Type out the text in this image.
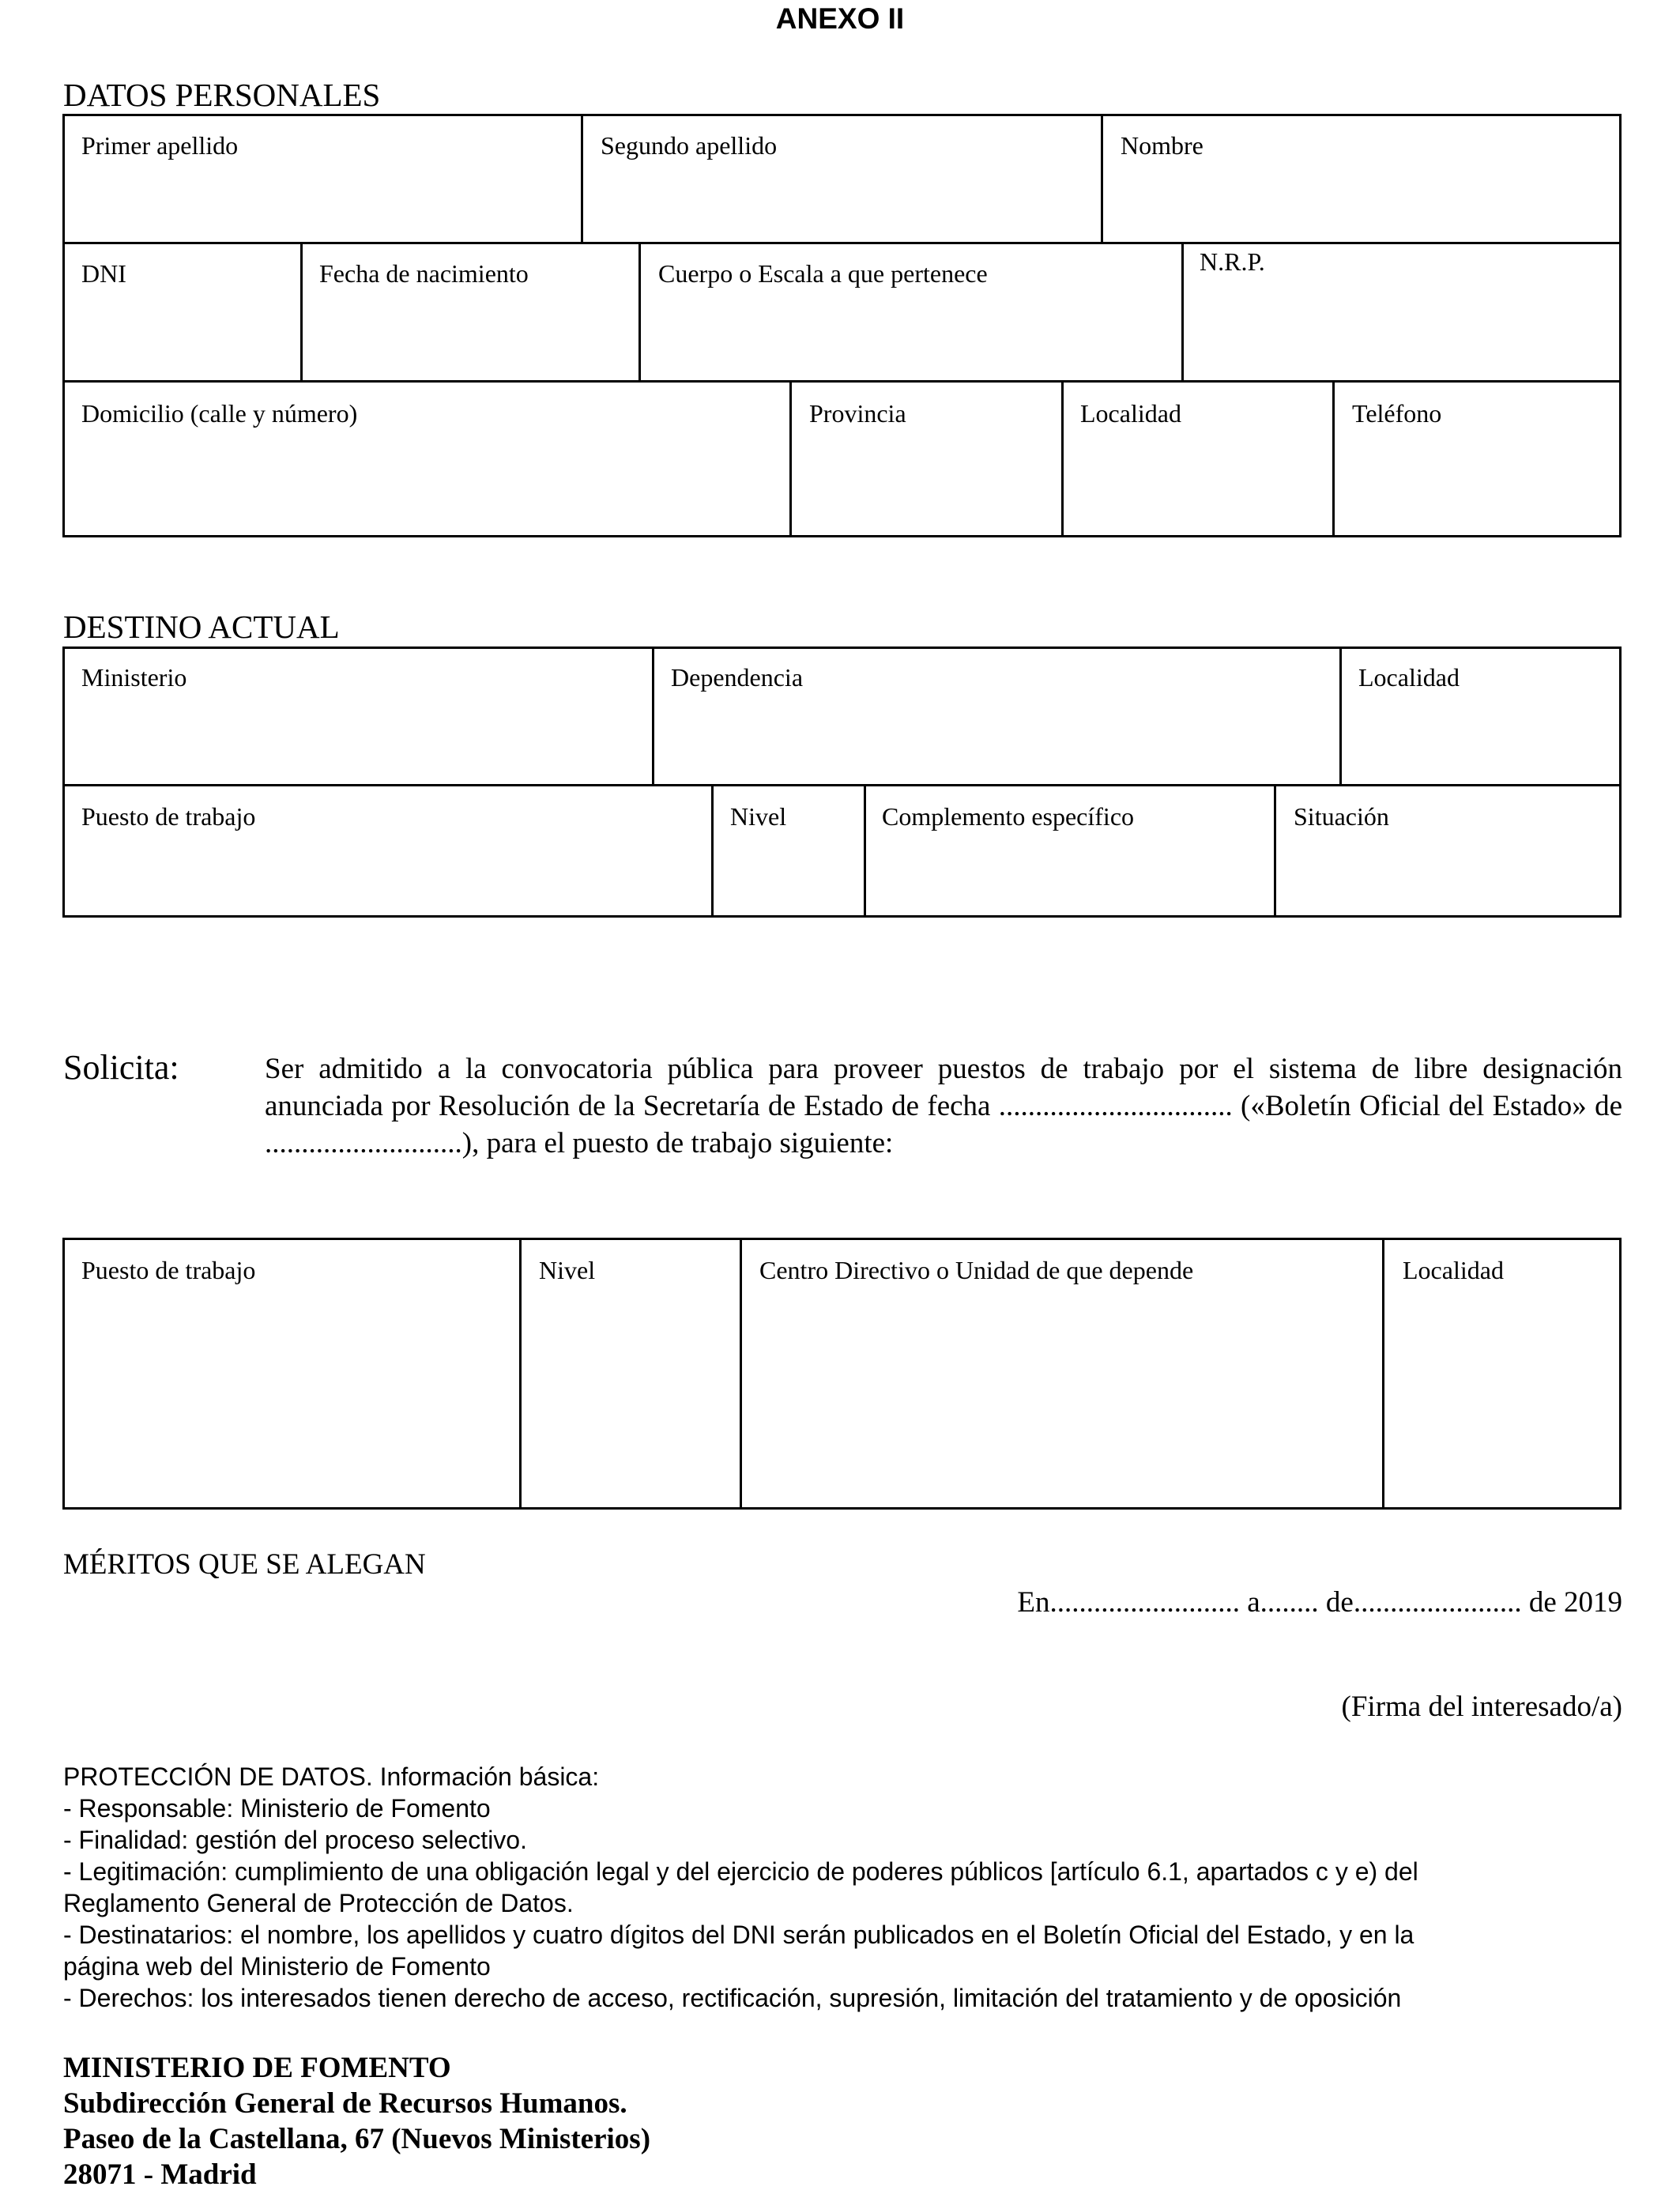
ANEXO II
DATOS PERSONALES
Primer apellido	Segundo apellido	Nombre
DNI	Fecha de nacimiento	Cuerpo o Escala a que pertenece	N.R.P.
Domicilio (calle y número)	Provincia	Localidad	Teléfono
DESTINO ACTUAL
Ministerio	Dependencia	Localidad
Puesto de trabajo	Nivel	Complemento específico	Situación
Solicita:	Ser admitido a la convocatoria pública para proveer puestos de trabajo por el sistema de libre designación anunciada por Resolución de la Secretaría de Estado de fecha ................................ («Boletín Oficial del Estado» de ...........................), para el puesto de trabajo siguiente:
Puesto de trabajo	Nivel	Centro Directivo o Unidad de que depende	Localidad
MÉRITOS QUE SE ALEGAN
En.......................... a........ de....................... de 2019
(Firma del interesado/a)
PROTECCIÓN DE DATOS. Información básica:
- Responsable: Ministerio de Fomento
- Finalidad: gestión del proceso selectivo.
- Legitimación: cumplimiento de una obligación legal y del ejercicio de poderes públicos [artículo 6.1, apartados c y e) del
Reglamento General de Protección de Datos.
- Destinatarios: el nombre, los apellidos y cuatro dígitos del DNI serán publicados en el Boletín Oficial del Estado, y en la
página web del Ministerio de Fomento
- Derechos: los interesados tienen derecho de acceso, rectificación, supresión, limitación del tratamiento y de oposición
MINISTERIO DE FOMENTO
Subdirección General de Recursos Humanos.
Paseo de la Castellana, 67 (Nuevos Ministerios)
28071 - Madrid
